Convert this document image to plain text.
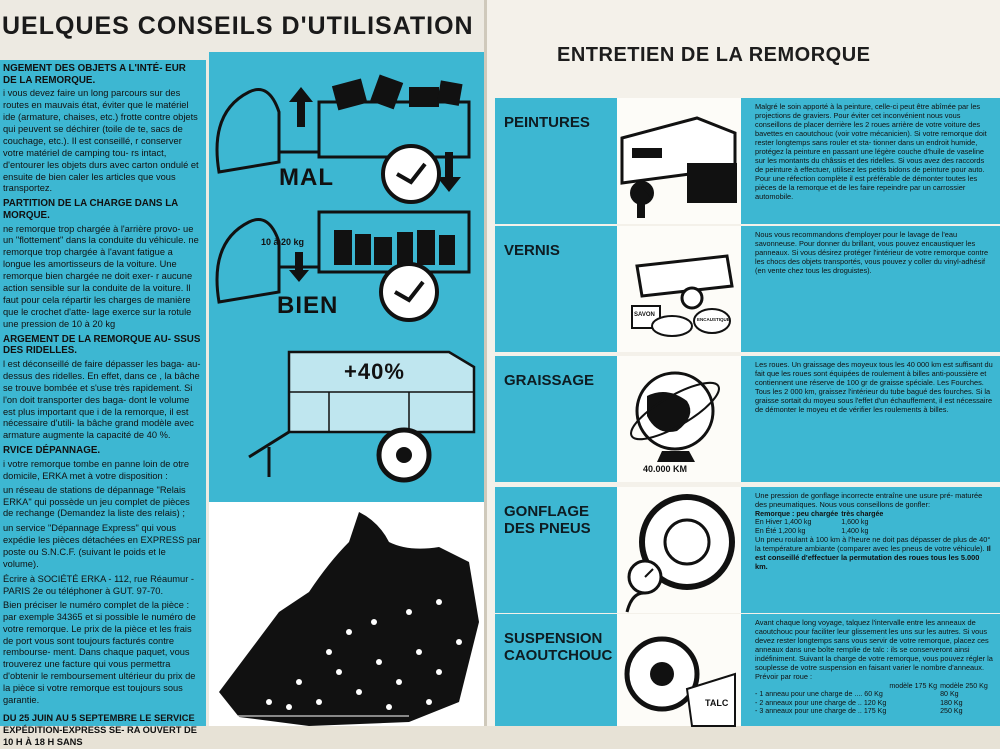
UELQUES CONSEILS D'UTILISATION
NGEMENT DES OBJETS A L'INTÉ- EUR DE LA REMORQUE.

i vous devez faire un long parcours sur des routes en mauvais état, éviter que le matériel ide (armature, chaises, etc.) frotte contre objets qui peuvent se déchirer (toile de te, sacs de couchage, etc.). Il est conseillé, r conserver votre matériel de camping tou- rs intact, d'entourer les objets durs avec carton ondulé et ensuite de bien caler les articles que vous transportez.

PARTITION DE LA CHARGE DANS LA MORQUE.

ne remorque trop chargée à l'arrière provo- ue un "flottement" dans la conduite du véhicule. ne remorque trop chargée à l'avant fatigue a longue les amortisseurs de la voiture. Une remorque bien chargée ne doit exer- r aucune action sensible sur la conduite de la voiture. Il faut pour cela répartir les charges de manière que le crochet d'atte- lage exerce sur la rotule une pression de 10 à 20 kg

ARGEMENT DE LA REMORQUE AU- SSUS DES RIDELLES.

l est déconseillé de faire dépasser les baga- au-dessus des ridelles. En effet, dans ce , la bâche se trouve bombée et s'use très rapidement. Si l'on doit transporter des baga- dont le volume est plus important que i de la remorque, il est nécessaire d'utili- la bâche grand modèle avec armature augmente la capacité de 40 %.

RVICE DÉPANNAGE.

i votre remorque tombe en panne loin de otre domicile, ERKA met à votre disposition :

un réseau de stations de dépannage "Relais ERKA" qui possède un jeu complet de pièces de rechange (Demandez la liste des relais) ;

un service "Dépannage Express" qui vous expédie les pièces détachées en EXPRESS par poste ou S.N.C.F. (suivant le poids et le volume).

Écrire à SOCIÉTÉ ERKA - 112, rue Réaumur - PARIS 2e ou téléphoner à GUT. 97-70.

Bien préciser le numéro complet de la pièce : par exemple 34365 et si possible le numéro de votre remorque. Le prix de la pièce et les frais de port vous sont toujours facturés contre rembourse- ment. Dans chaque paquet, vous trouverez une facture qui vous permettra d'obtenir le remboursement ultérieur du prix de la pièce si votre remorque est toujours sous garantie.

DU 25 JUIN AU 5 SEPTEMBRE LE SERVICE EXPÉDITION-EXPRESS SE- RA OUVERT DE 10 H À 18 H SANS

MAL
10 à 20 kg
BIEN
+40%
ENTRETIEN DE LA REMORQUE
PEINTURES
Malgré le soin apporté à la peinture, celle-ci peut être abîmée par les projections de graviers. Pour éviter cet inconvénient nous vous conseillons de placer derrière les 2 roues arrière de votre voiture des bavettes en caoutchouc (voir votre mécanicien). Si votre remorque doit rester longtemps sans rouler et sta- tionner dans un endroit humide, protégez la peinture en passant une légère couche d'huile de vaseline sur les montants du châssis et des ridelles. Si vous avez des raccords de peinture à effectuer, utilisez les petits bidons de peinture pour auto. Pour une réfection complète il est préférable de démonter toutes les pièces de la remorque et de les faire repeindre par un carrossier automobile.
VERNIS
SAVON
ENCAUSTIQUE
Nous vous recommandons d'employer pour le lavage de l'eau savonneuse. Pour donner du brillant, vous pouvez encaustiquer les panneaux. Si vous désirez protéger l'intérieur de votre remorque contre les chocs des objets transportés, vous pouvez y coller du vinyl-adhésif (en vente chez tous les droguistes).
GRAISSAGE
40.000 KM
Les roues. Un graissage des moyeux tous les 40 000 km est suffisant du fait que les roues sont équipées de roulement à billes anti-poussière et contiennent une réserve de 100 gr de graisse spéciale. Les Fourches. Tous les 2 000 km, graissez l'intérieur du tube bagué des fourches. Si la graisse sortait du moyeu sous l'effet d'un échauffement, il est nécessaire de démonter le moyeu et de vérifier les roulements à billes.
GONFLAGE DES PNEUS
Une pression de gonflage incorrecte entraîne une usure pré- maturée des pneumatiques. Nous vous conseillons de gonfler:
Remorque : peu chargée	très chargée
En Hiver 1,400 kg	1,600 kg
En Été 1,200 kg	1,400 kg
Un pneu roulant à 100 km à l'heure ne doit pas dépasser de plus de 40° la température ambiante (comparer avec les pneus de votre véhicule). Il est conseillé d'effectuer la permutation des roues tous les 5.000 km.
SUSPENSION CAOUTCHOUC
TALC
Avant chaque long voyage, talquez l'intervalle entre les anneaux de caoutchouc pour faciliter leur glissement les uns sur les autres. Si vous devez rester longtemps sans vous servir de votre remorque, placez ces anneaux dans une boîte remplie de talc : ils se conserveront ainsi indéfiniment. Suivant la charge de votre remorque, vous pouvez régler la souplesse de votre suspension en faisant varier le nombre d'anneaux. Prévoir par roue :
	modèle 175 Kg	modèle 250 Kg
- 1 anneau pour une charge de .... 60 Kg		80 Kg
- 2 anneaux pour une charge de .. 120 Kg		180 Kg
- 3 anneaux pour une charge de .. 175 Kg		250 Kg
